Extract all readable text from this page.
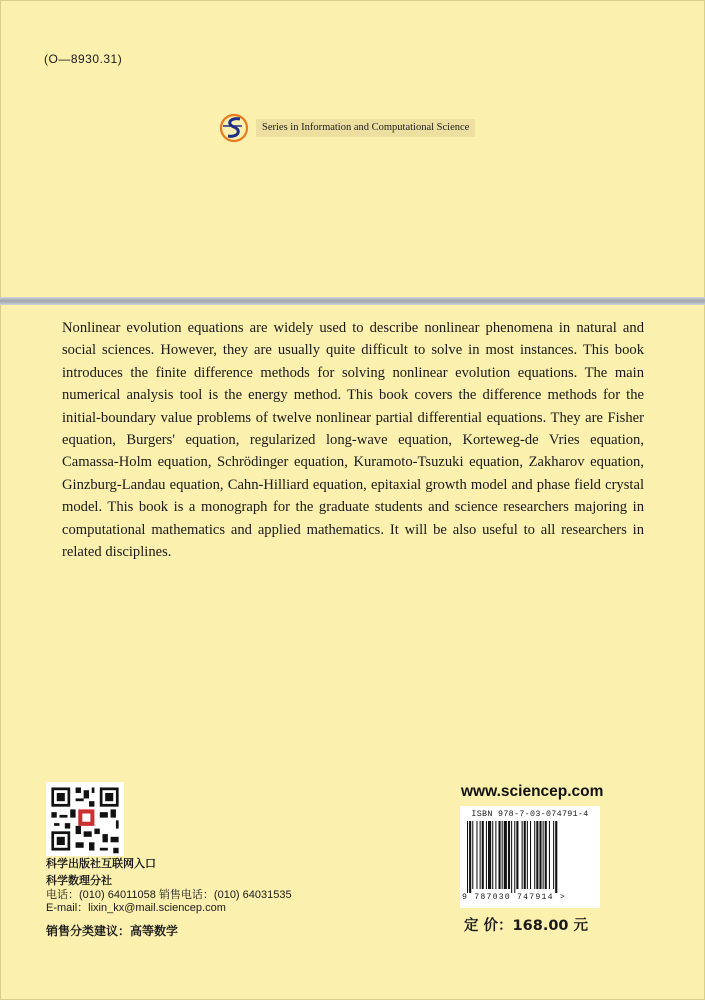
(O—8930.31)
Series in Information and Computational Science
Nonlinear evolution equations are widely used to describe nonlinear phenomena in natural and social sciences. However, they are usually quite difficult to solve in most instances. This book introduces the finite difference methods for solving nonlinear evolution equations. The main numerical analysis tool is the energy method. This book covers the difference methods for the initial-boundary value problems of twelve nonlinear partial differential equations. They are Fisher equation, Burgers' equation, regularized long-wave equation, Korteweg-de Vries equation, Camassa-Holm equation, Schrödinger equation, Kuramoto-Tsuzuki equation, Zakharov equation, Ginzburg-Landau equation, Cahn-Hilliard equation, epitaxial growth model and phase field crystal model. This book is a monograph for the graduate students and science researchers majoring in computational mathematics and applied mathematics. It will be also useful to all researchers in related disciplines.
科学出版社互联网入口
科学数理分社
电话：(010) 64011058 销售电话：(010) 64031535
E-mail：lixin_kx@mail.sciencep.com
销售分类建议：高等数学
www.sciencep.com
ISBN 978-7-03-074791-4
9 787030 747914 >
定 价：168.00 元
